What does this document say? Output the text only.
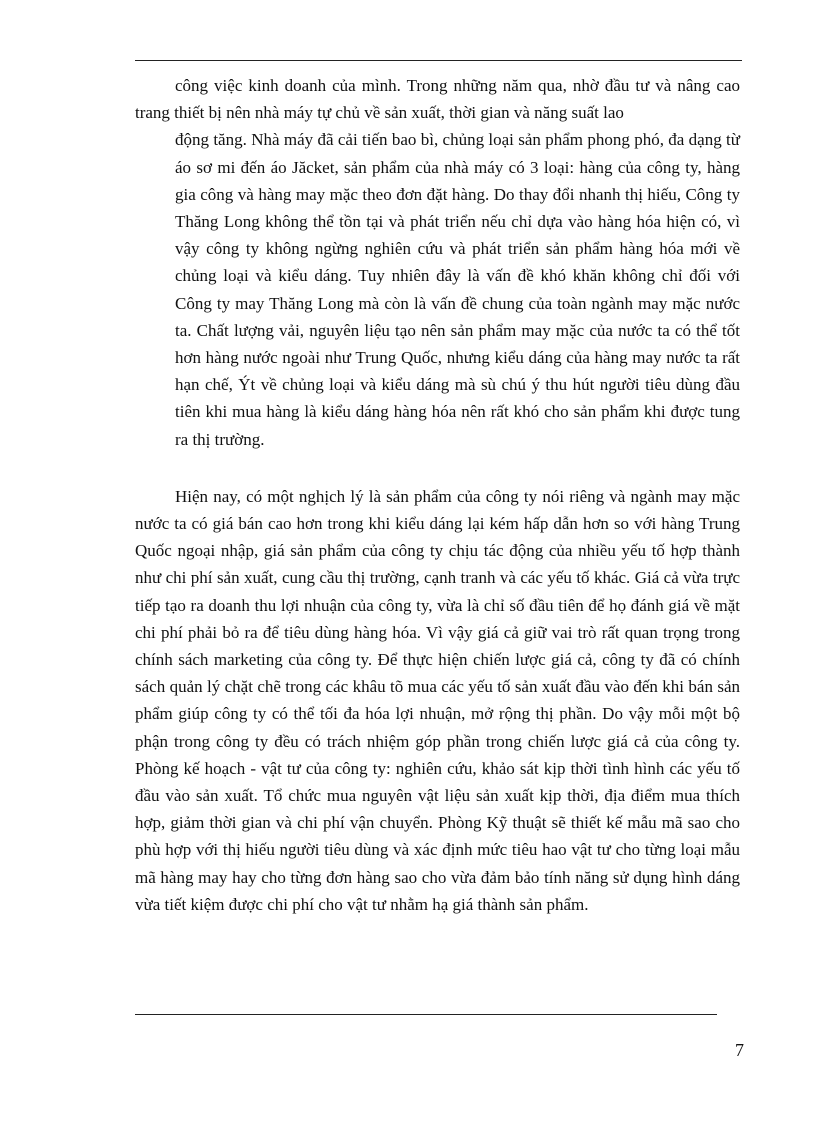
công việc kinh doanh của mình. Trong những năm qua, nhờ đầu tư và nâng cao trang thiết bị nên nhà máy tự chủ về sản xuất, thời gian và năng suất lao

động tăng. Nhà máy đã cải tiến bao bì, chủng loại sản phẩm phong phó, đa dạng từ áo sơ mi đến áo Jăcket, sản phẩm của nhà máy có 3 loại: hàng của công ty, hàng gia công và hàng may mặc theo đơn đặt hàng. Do thay đổi nhanh thị hiếu, Công ty Thăng Long không thể tồn tại và phát triển nếu chỉ dựa vào hàng hóa hiện có, vì vậy công ty không ngừng nghiên cứu và phát triển sản phẩm hàng hóa mới về chủng loại và kiểu dáng. Tuy nhiên đây là vấn đề khó khăn không chỉ đối với Công ty may Thăng Long mà còn là vấn đề chung của toàn ngành may mặc nước ta. Chất lượng vải, nguyên liệu tạo nên sản phẩm may mặc của nước ta có thể tốt hơn hàng nước ngoài như Trung Quốc, nhưng kiểu dáng của hàng may nước ta rất hạn chế, Ýt về chủng loại và kiểu dáng mà sù chú ý thu hút người tiêu dùng đầu tiên khi mua hàng là kiểu dáng hàng hóa nên rất khó cho sản phẩm khi được tung ra thị trường.

Hiện nay, có một nghịch lý là sản phẩm của công ty nói riêng và ngành may mặc nước ta có giá bán cao hơn trong khi kiểu dáng lại kém hấp dẫn hơn so với hàng Trung Quốc ngoại nhập, giá sản phẩm của công ty chịu tác động của nhiều yếu tố hợp thành như chi phí sản xuất, cung cầu thị trường, cạnh tranh và các yếu tố khác. Giá cả vừa trực tiếp tạo ra doanh thu lợi nhuận của công ty, vừa là chỉ số đầu tiên để họ đánh giá về mặt chi phí phải bỏ ra để tiêu dùng hàng hóa. Vì vậy giá cả giữ vai trò rất quan trọng trong chính sách marketing của công ty. Để thực hiện chiến lược giá cả, công ty đã có chính sách quản lý chặt chẽ trong các khâu tõ mua các yếu tố sản xuất đầu vào đến khi bán sản phẩm giúp công ty có thể tối đa hóa lợi nhuận, mở rộng thị phần. Do vậy mỗi một bộ phận trong công ty đều có trách nhiệm góp phần trong chiến lược giá cả của công ty. Phòng kế hoạch - vật tư của công ty: nghiên cứu, khảo sát kịp thời tình hình các yếu tố đầu vào sản xuất. Tổ chức mua nguyên vật liệu sản xuất kịp thời, địa điểm mua thích hợp, giảm thời gian và chi phí vận chuyển. Phòng Kỹ thuật sẽ thiết kế mẫu mã sao cho phù hợp với thị hiếu người tiêu dùng và xác định mức tiêu hao vật tư cho từng loại mẫu mã hàng may hay cho từng đơn hàng sao cho vừa đảm bảo tính năng sử dụng hình dáng vừa tiết kiệm được chi phí cho vật tư nhằm hạ giá thành sản phẩm.

7
